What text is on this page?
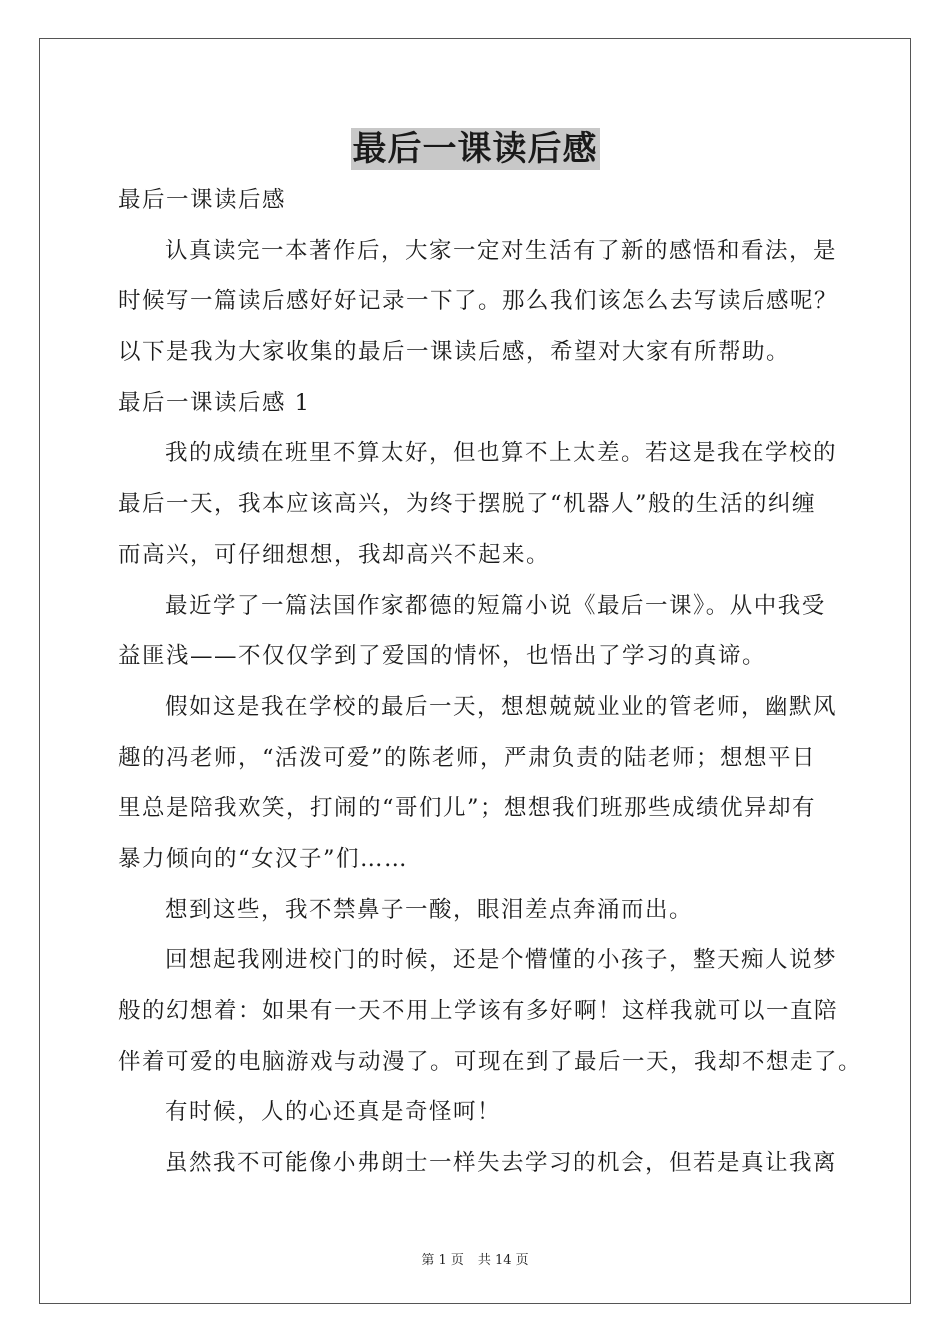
最后一课读后感
最后一课读后感
认真读完一本著作后，大家一定对生活有了新的感悟和看法，是
时候写一篇读后感好好记录一下了。那么我们该怎么去写读后感呢？
以下是我为大家收集的最后一课读后感，希望对大家有所帮助。
最后一课读后感 1
我的成绩在班里不算太好，但也算不上太差。若这是我在学校的
最后一天，我本应该高兴，为终于摆脱了“机器人”般的生活的纠缠
而高兴，可仔细想想，我却高兴不起来。
最近学了一篇法国作家都德的短篇小说《最后一课》。从中我受
益匪浅——不仅仅学到了爱国的情怀，也悟出了学习的真谛。
假如这是我在学校的最后一天，想想兢兢业业的管老师，幽默风
趣的冯老师，“活泼可爱”的陈老师，严肃负责的陆老师；想想平日
里总是陪我欢笑，打闹的“哥们儿”；想想我们班那些成绩优异却有
暴力倾向的“女汉子”们……
想到这些，我不禁鼻子一酸，眼泪差点奔涌而出。
回想起我刚进校门的时候，还是个懵懂的小孩子，整天痴人说梦
般的幻想着：如果有一天不用上学该有多好啊！这样我就可以一直陪
伴着可爱的电脑游戏与动漫了。可现在到了最后一天，我却不想走了。
有时候，人的心还真是奇怪呵！
虽然我不可能像小弗朗士一样失去学习的机会，但若是真让我离
第 1 页 共 14 页
